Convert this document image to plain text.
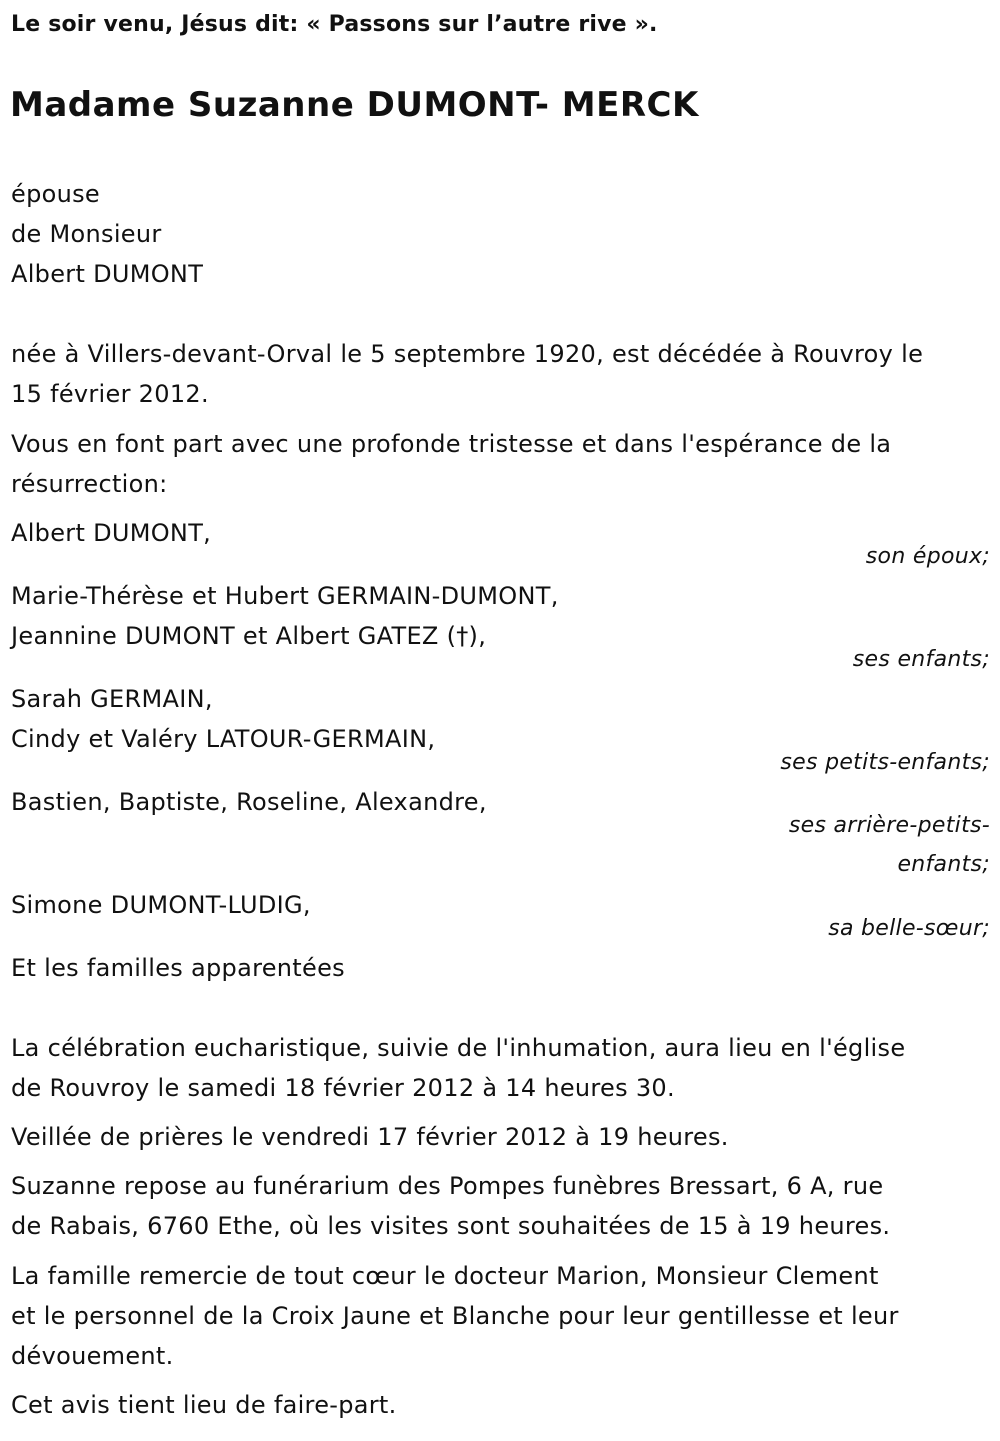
Le soir venu, Jésus dit: « Passons sur l’autre rive ».
Madame Suzanne DUMONT- MERCK

épouse

de Monsieur

Albert DUMONT

née à Villers-devant-Orval le 5 septembre 1920, est décédée à Rouvroy le

15 février 2012.

Vous en font part avec une profonde tristesse et dans l'espérance de la

résurrection:

Albert DUMONT,
son époux;
Marie-Thérèse et Hubert GERMAIN-DUMONT,
Jeannine DUMONT et Albert GATEZ (†),
ses enfants;
Sarah GERMAIN,
Cindy et Valéry LATOUR-GERMAIN,
ses petits-enfants;
Bastien, Baptiste, Roseline, Alexandre,
ses arrière-petits-
enfants;
Simone DUMONT-LUDIG,
sa belle-sœur;
Et les familles apparentées
La célébration eucharistique, suivie de l'inhumation, aura lieu en l'église
de Rouvroy le samedi 18 février 2012 à 14 heures 30.
Veillée de prières le vendredi 17 février 2012 à 19 heures.
Suzanne repose au funérarium des Pompes funèbres Bressart, 6 A, rue
de Rabais, 6760 Ethe, où les visites sont souhaitées de 15 à 19 heures.
La famille remercie de tout cœur le docteur Marion, Monsieur Clement
et le personnel de la Croix Jaune et Blanche pour leur gentillesse et leur
dévouement.
Cet avis tient lieu de faire-part.
